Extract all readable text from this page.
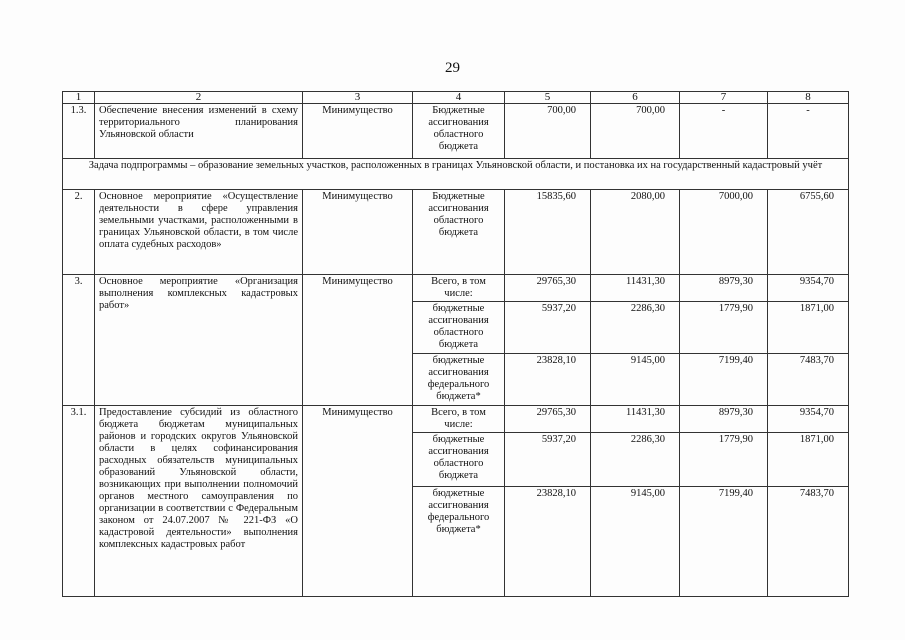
29
1	2	3	4	5	6	7	8
1.3.	Обеспечение внесения изменений в схему территориального планирования Ульяновской области	Минимущество	Бюджетные ассигнования областного бюджета	700,00	700,00	-	-
Задача подпрограммы – образование земельных участков, расположенных в границах Ульяновской области, и постановка их на государственный кадастровый учёт							
2.	Основное мероприятие «Осуществление деятельности в сфере управления земельными участками, расположенными в границах Ульяновской области, в том числе оплата судебных расходов»	Минимущество	Бюджетные ассигнования областного бюджета	15835,60	2080,00	7000,00	6755,60
3.	Основное мероприятие «Организация выполнения комплексных кадастровых работ»	Минимущество	Всего, в том числе:	29765,30	11431,30	8979,30	9354,70
			бюджетные ассигнования областного бюджета	5937,20	2286,30	1779,90	1871,00
			бюджетные ассигнования федерального бюджета*	23828,10	9145,00	7199,40	7483,70
3.1.	Предоставление субсидий из областного бюджета бюджетам муниципальных районов и городских округов Ульяновской области в целях софинансирования расходных обязательств муниципальных образований Ульяновской области, возникающих при выполнении полномочий органов местного самоуправления по организации в соответствии с Федеральным законом от 24.07.2007 № 221-ФЗ «О кадастровой деятельности» выполнения комплексных кадастровых работ	Минимущество	Всего, в том числе:	29765,30	11431,30	8979,30	9354,70
			бюджетные ассигнования областного бюджета	5937,20	2286,30	1779,90	1871,00
			бюджетные ассигнования федерального бюджета*	23828,10	9145,00	7199,40	7483,70
